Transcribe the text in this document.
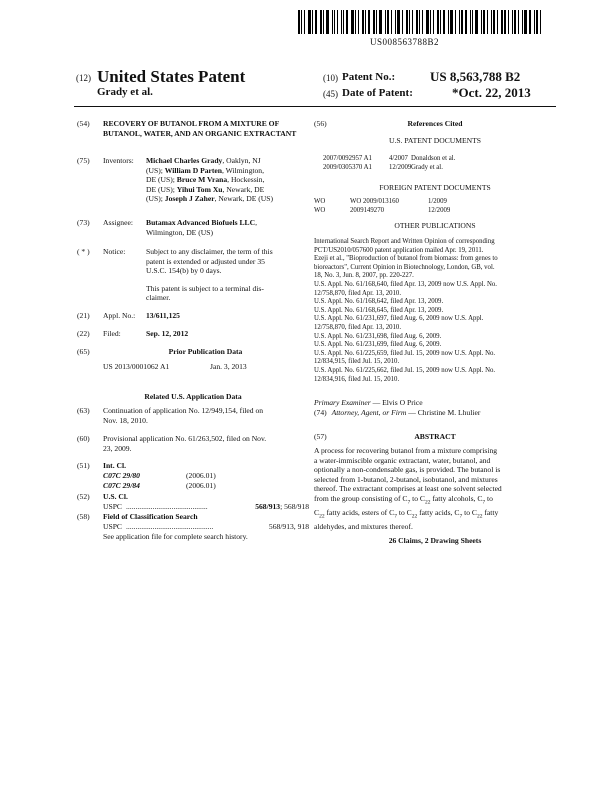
US008563788B2
(12) United States Patent
Grady et al.
(10) Patent No.:	US 8,563,788 B2
(45) Date of Patent:	*Oct. 22, 2013
(54) RECOVERY OF BUTANOL FROM A MIXTURE OF BUTANOL, WATER, AND AN ORGANIC EXTRACTANT
(75) Inventors: Michael Charles Grady, Oaklyn, NJ
(US); William D Parten, Wilmington,
DE (US); Bruce M Vrana, Hockessin,
DE (US); Yihui Tom Xu, Newark, DE
(US); Joseph J Zaher, Newark, DE (US)
(73) Assignee: Butamax Advanced Biofuels LLC,
Wilmington, DE (US)
( * ) Notice:	Subject to any disclaimer, the term of this
patent is extended or adjusted under 35
U.S.C. 154(b) by 0 days.
This patent is subject to a terminal dis-
claimer.
(21) Appl. No.: 13/611,125
(22) Filed:	Sep. 12, 2012
(65)	Prior Publication Data
US 2013/0001062 A1	Jan. 3, 2013
Related U.S. Application Data
(63) Continuation of application No. 12/949,154, filed on
Nov. 18, 2010.
(60) Provisional application No. 61/263,502, filed on Nov.
23, 2009.
(51) Int. Cl.
C07C 29/80	(2006.01)
C07C 29/84	(2006.01)
(52) U.S. Cl.
USPC ...........................................	568/913 ; 568/918
(58) Field of Classification Search
USPC ..............................................	568/913, 918
See application file for complete search history.
(56)	References Cited
U.S. PATENT DOCUMENTS
2007/0092957 A1	4/2007 Donaldson et al.
2009/0305370 A1	12/2009 Grady et al.
FOREIGN PATENT DOCUMENTS
WO	WO 2009/013160	1/2009
WO	2009149270	12/2009
OTHER PUBLICATIONS
International Search Report and Written Opinion of corresponding
PCT/US2010/057600 patent application mailed Apr. 19, 2011.
Ezeji et al., "Bioproduction of butanol from biomass: from genes to
bioreactors", Current Opinion in Biotechnology, London, GB, vol.
18, No. 3, Jun. 8, 2007, pp. 220-227.
U.S. Appl. No. 61/168,640, filed Apr. 13, 2009 now U.S. Appl. No.
12/758,870, filed Apr. 13, 2010.
U.S. Appl. No. 61/168,642, filed Apr. 13, 2009.
U.S. Appl. No. 61/168,645, filed Apr. 13, 2009.
U.S. Appl. No. 61/231,697, filed Aug. 6, 2009 now U.S. Appl.
12/758,870, filed Apr. 13, 2010.
U.S. Appl. No. 61/231,698, filed Aug. 6, 2009.
U.S. Appl. No. 61/231,699, filed Aug. 6, 2009.
U.S. Appl. No. 61/225,659, filed Jul. 15, 2009 now U.S. Appl. No.
12/834,915, filed Jul. 15, 2010.
U.S. Appl. No. 61/225,662, filed Jul. 15, 2009 now U.S. Appl. No.
12/834,916, filed Jul. 15, 2010.
Primary Examiner — Elvis O Price
(74) Attorney, Agent, or Firm — Christine M. Lhulier
(57)	ABSTRACT
A process for recovering butanol from a mixture comprising
a water-immiscible organic extractant, water, butanol, and
optionally a non-condensable gas, is provided. The butanol is
selected from 1-butanol, 2-butanol, isobutanol, and mixtures
thereof. The extractant comprises at least one solvent selected
from the group consisting of $C_7$ to $C_{22}$ fatty alcohols, $C_7$ to
$C_{22}$ fatty acids, esters of $C_7$ to $C_{22}$ fatty acids, $C_7$ to $C_{22}$ fatty
aldehydes, and mixtures thereof.
26 Claims, 2 Drawing Sheets
